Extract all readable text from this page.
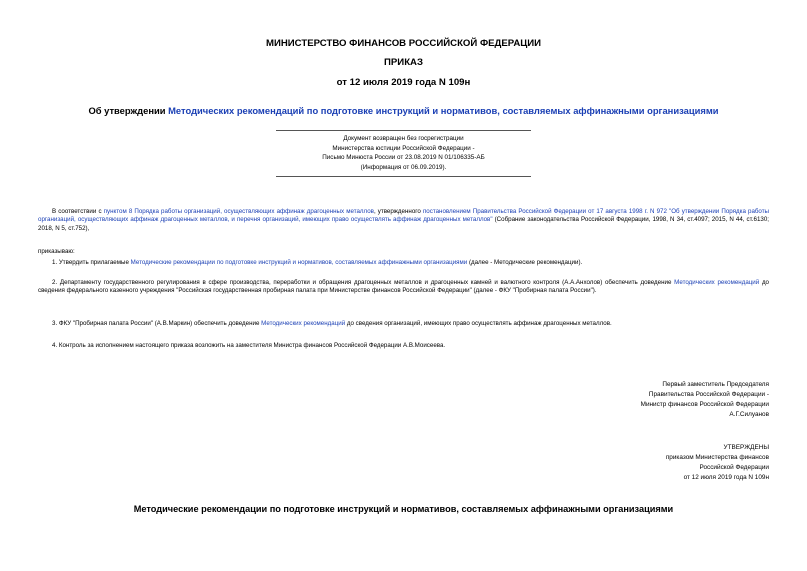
МИНИСТЕРСТВО ФИНАНСОВ РОССИЙСКОЙ ФЕДЕРАЦИИ
ПРИКАЗ
от 12 июля 2019 года N 109н
Об утверждении Методических рекомендаций по подготовке инструкций и нормативов, составляемых аффинажными организациями
Документ возвращен без госрегистрации
Министерства юстиции Российской Федерации -
Письмо Минюста России от 23.08.2019 N 01/106335-АБ
(Информация от 06.09.2019).
В соответствии с пунктом 8 Порядка работы организаций, осуществляющих аффинаж драгоценных металлов, утвержденного постановлением Правительства Российской Федерации от 17 августа 1998 г. N 972 "Об утверждении Порядка работы организаций, осуществляющих аффинаж драгоценных металлов, и перечня организаций, имеющих право осуществлять аффинаж драгоценных металлов" (Собрание законодательства Российской Федерации, 1998, N 34, ст.4097; 2015, N 44, ст.6130; 2018, N 5, ст.752),
приказываю:
1. Утвердить прилагаемые Методические рекомендации по подготовке инструкций и нормативов, составляемых аффинажными организациями (далее - Методические рекомендации).
2. Департаменту государственного регулирования в сфере производства, переработки и обращения драгоценных металлов и драгоценных камней и валютного контроля (А.А.Анхолов) обеспечить доведение Методических рекомендаций до сведения федерального казенного учреждения "Российская государственная пробирная палата при Министерстве финансов Российской Федерации" (далее - ФКУ "Пробирная палата России").
3. ФКУ "Пробирная палата России" (А.В.Маркин) обеспечить доведение Методических рекомендаций до сведения организаций, имеющих право осуществлять аффинаж драгоценных металлов.
4. Контроль за исполнением настоящего приказа возложить на заместителя Министра финансов Российской Федерации А.В.Моисеева.
Первый заместитель Председателя
Правительства Российской Федерации -
Министр финансов Российской Федерации
А.Г.Силуанов
УТВЕРЖДЕНЫ
приказом Министерства финансов
Российской Федерации
от 12 июля 2019 года N 109н
Методические рекомендации по подготовке инструкций и нормативов, составляемых аффинажными организациями
